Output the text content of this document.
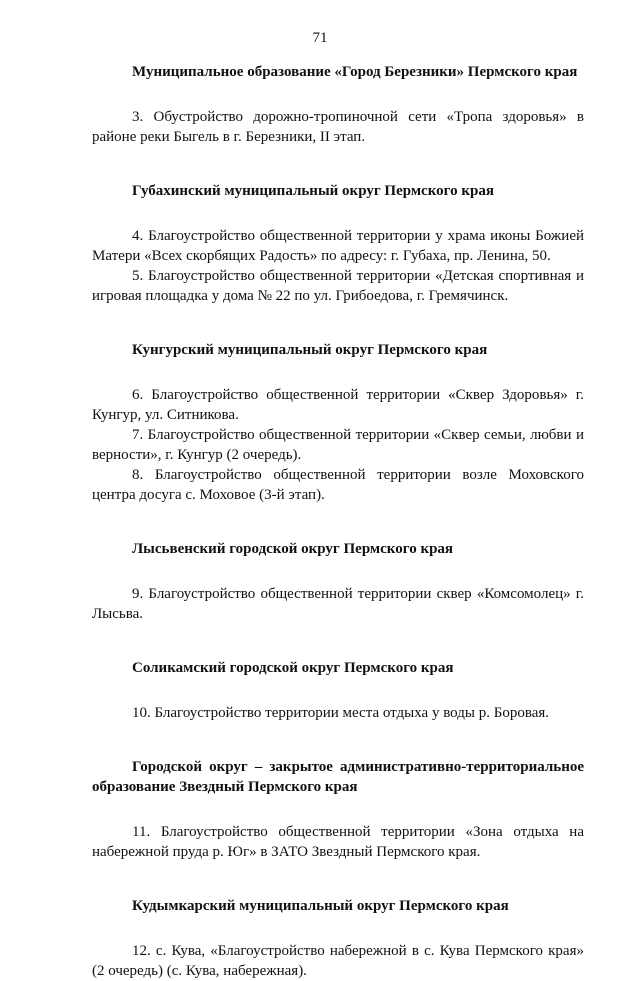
71

Муниципальное образование «Город Березники» Пермского края

3. Обустройство дорожно-тропиночной сети «Тропа здоровья» в районе реки Быгель в г. Березники, II этап.

Губахинский муниципальный округ Пермского края

4. Благоустройство общественной территории у храма иконы Божией Матери «Всех скорбящих Радость» по адресу: г. Губаха, пр. Ленина, 50.

5. Благоустройство общественной территории «Детская спортивная и игровая площадка у дома № 22 по ул. Грибоедова, г. Гремячинск.

Кунгурский муниципальный округ Пермского края

6. Благоустройство общественной территории «Сквер Здоровья» г. Кунгур, ул. Ситникова.

7. Благоустройство общественной территории «Сквер семьи, любви и верности», г. Кунгур (2 очередь).

8. Благоустройство общественной территории возле Моховского центра досуга с. Моховое (3-й этап).

Лысьвенский городской округ Пермского края

9. Благоустройство общественной территории сквер «Комсомолец» г. Лысьва.

Соликамский городской округ Пермского края

10. Благоустройство территории места отдыха у воды р. Боровая.

Городской округ – закрытое административно-территориальное образование Звездный Пермского края

11. Благоустройство общественной территории «Зона отдыха на набережной пруда р. Юг» в ЗАТО Звездный Пермского края.

Кудымкарский муниципальный округ Пермского края

12. с. Кува, «Благоустройство набережной в с. Кува Пермского края» (2 очередь) (с. Кува, набережная).
